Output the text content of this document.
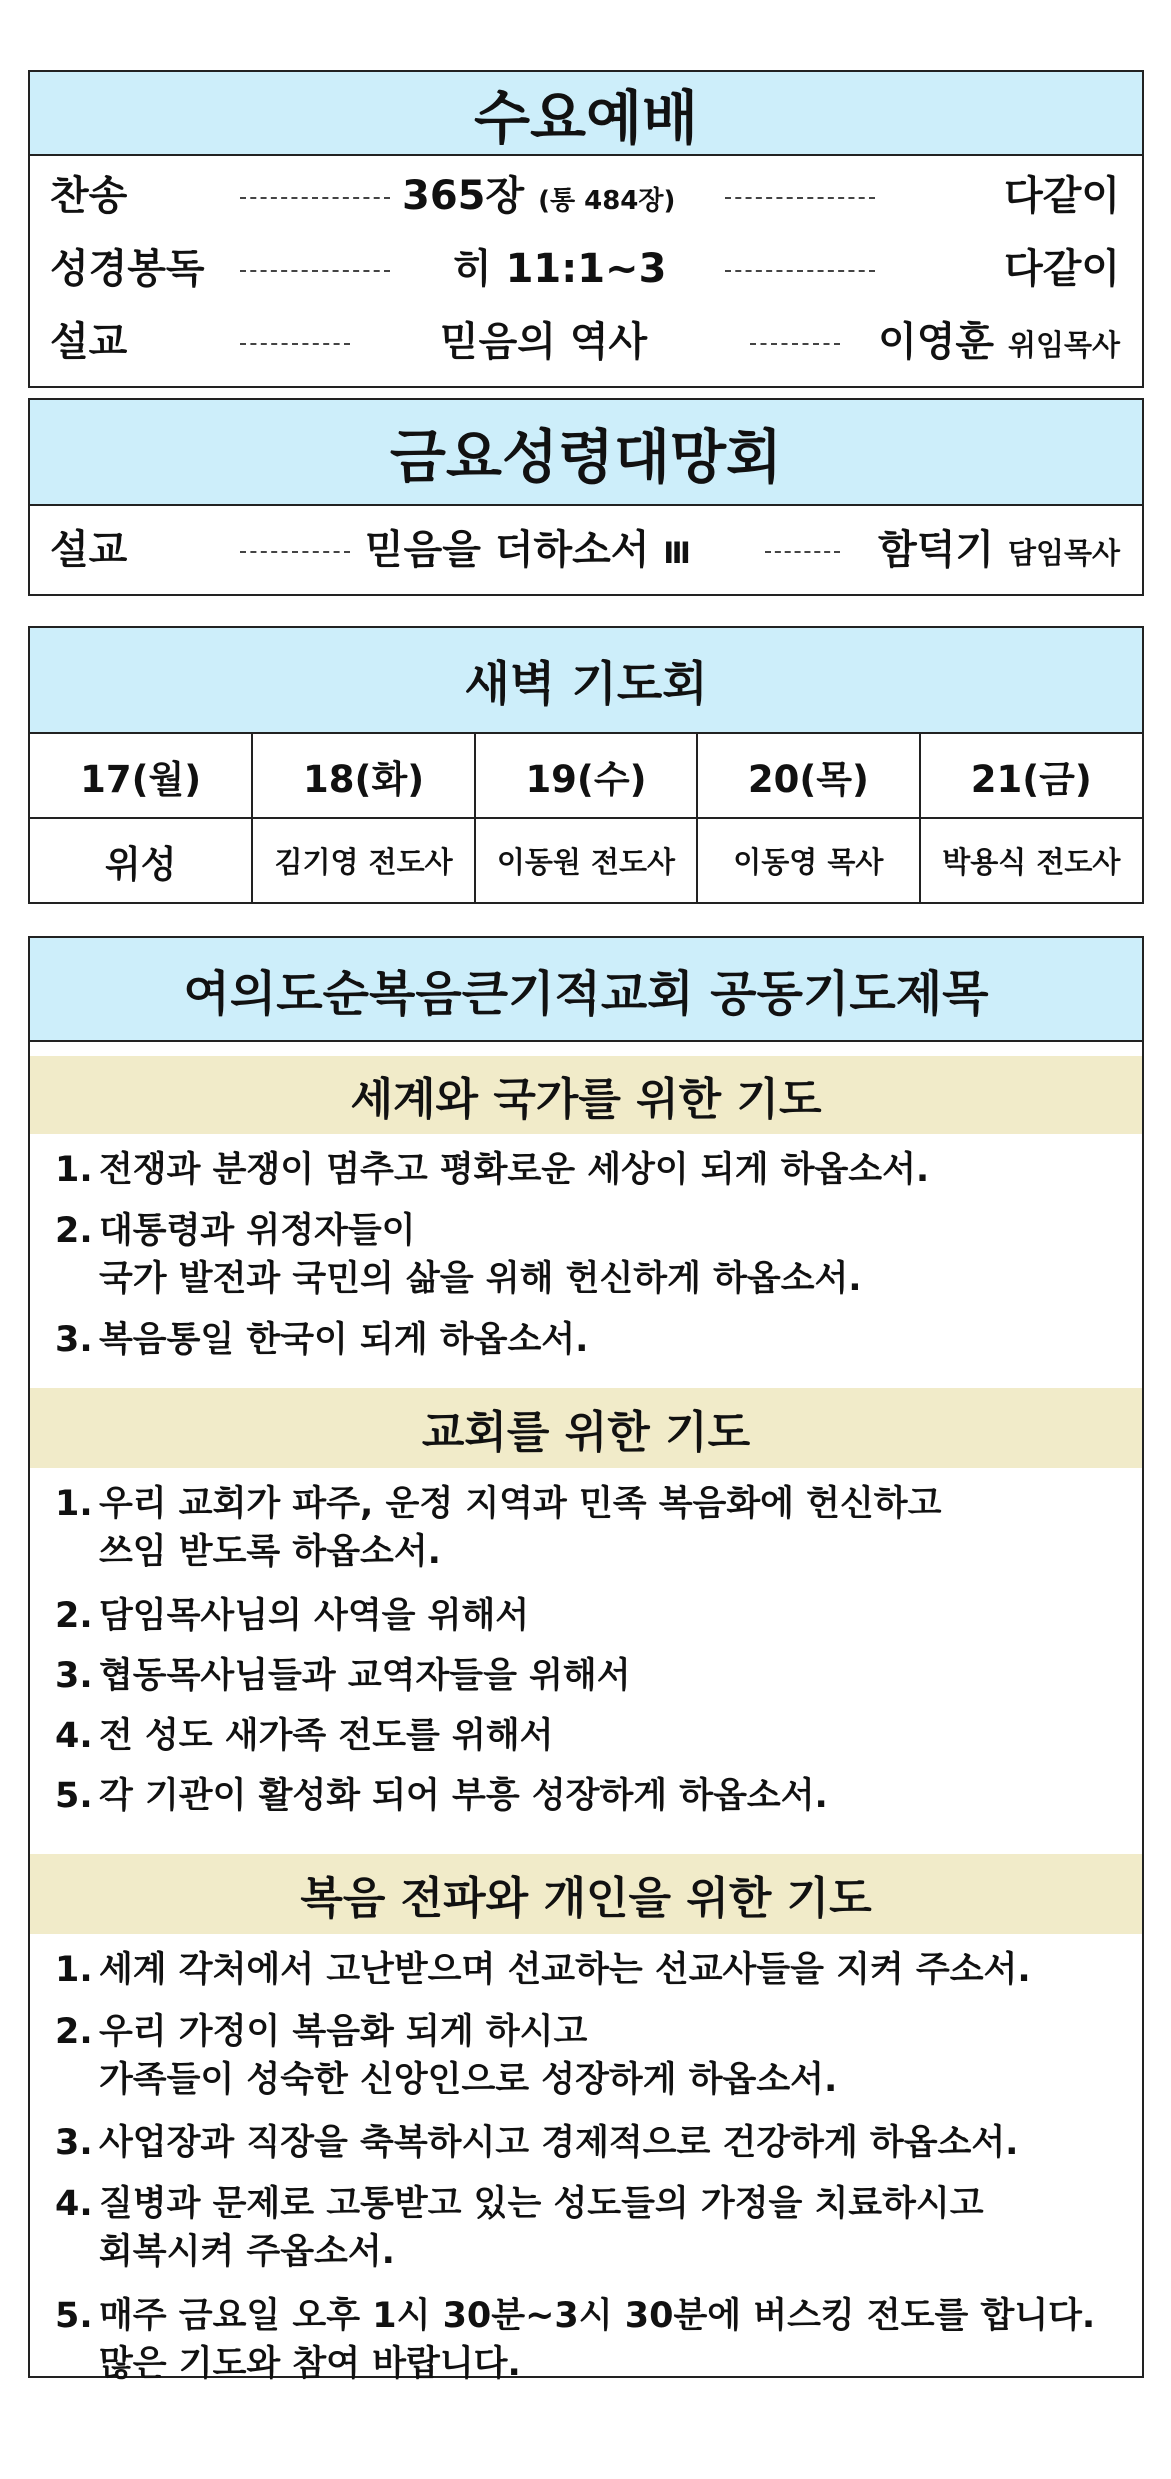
수요예배
찬송	365장 (통 484장)	다같이
성경봉독	히 11:1~3	다같이
설교	믿음의 역사	이영훈 위임목사
금요성령대망회
설교	믿음을 더하소서 Ⅲ	함덕기 담임목사
새벽 기도회
17(월)	18(화)	19(수)	20(목)	21(금)
위성	김기영 전도사	이동원 전도사	이동영 목사	박용식 전도사
여의도순복음큰기적교회 공동기도제목
세계와 국가를 위한 기도
1. 전쟁과 분쟁이 멈추고 평화로운 세상이 되게 하옵소서.
2. 대통령과 위정자들이
국가 발전과 국민의 삶을 위해 헌신하게 하옵소서.
3. 복음통일 한국이 되게 하옵소서.
교회를 위한 기도
1. 우리 교회가 파주, 운정 지역과 민족 복음화에 헌신하고
쓰임 받도록 하옵소서.
2. 담임목사님의 사역을 위해서
3. 협동목사님들과 교역자들을 위해서
4. 전 성도 새가족 전도를 위해서
5. 각 기관이 활성화 되어 부흥 성장하게 하옵소서.
복음 전파와 개인을 위한 기도
1. 세계 각처에서 고난받으며 선교하는 선교사들을 지켜 주소서.
2. 우리 가정이 복음화 되게 하시고
가족들이 성숙한 신앙인으로 성장하게 하옵소서.
3. 사업장과 직장을 축복하시고 경제적으로 건강하게 하옵소서.
4. 질병과 문제로 고통받고 있는 성도들의 가정을 치료하시고
회복시켜 주옵소서.
5. 매주 금요일 오후 1시 30분~3시 30분에 버스킹 전도를 합니다.
많은 기도와 참여 바랍니다.
